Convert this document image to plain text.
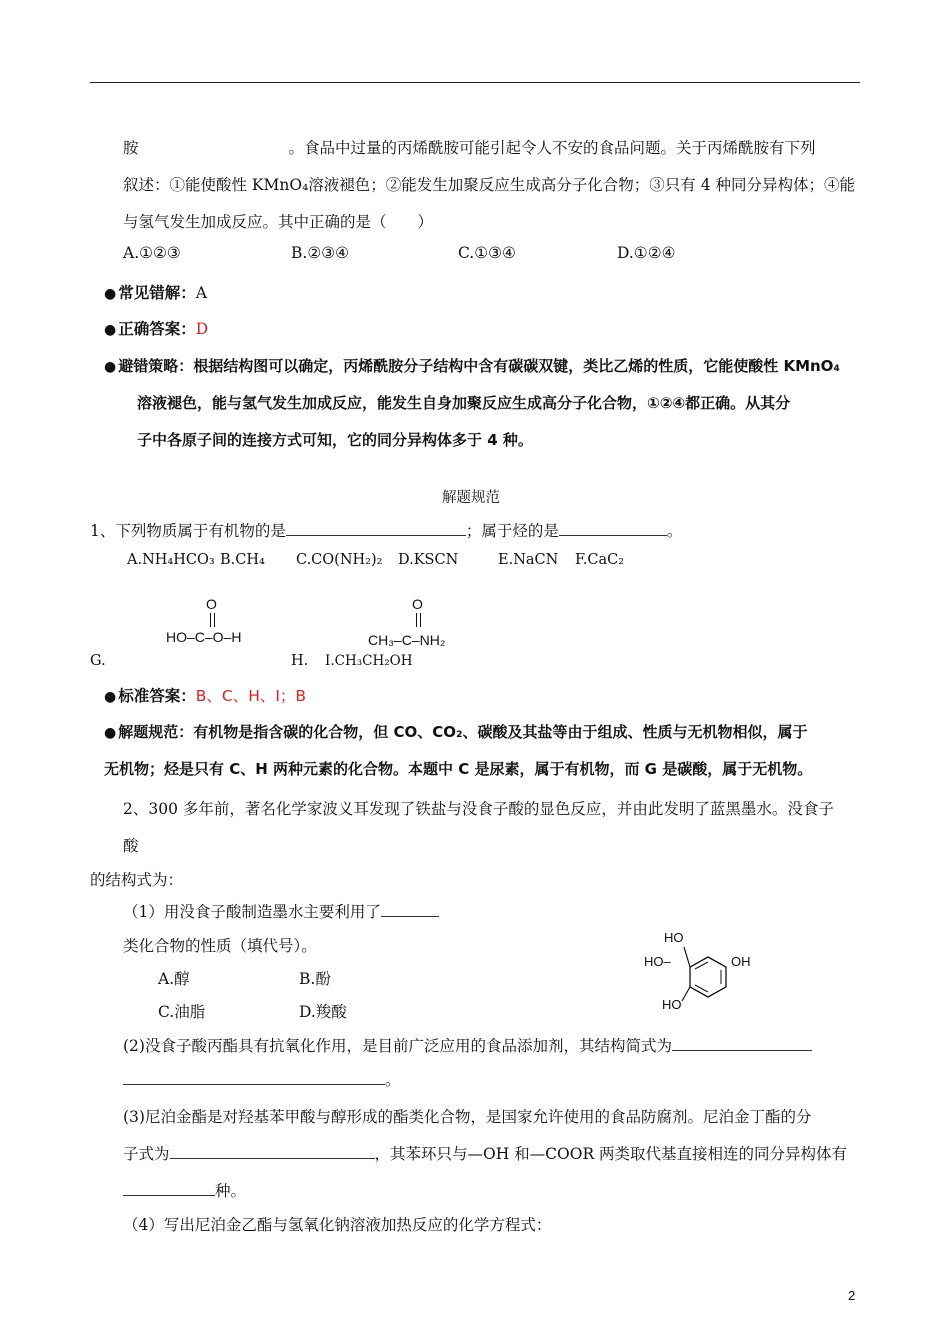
胺	。食品中过量的丙烯酰胺可能引起令人不安的食品问题。关于丙烯酰胺有下列
叙述：①能使酸性 KMnO₄溶液褪色；②能发生加聚反应生成高分子化合物；③只有 4 种同分异构体；④能
与氢气发生加成反应。其中正确的是（　　）
A.①②③	B.②③④	C.①③④	D.①②④
● 常见错解：A
● 正确答案：D
● 避错策略：根据结构图可以确定，丙烯酰胺分子结构中含有碳碳双键，类比乙烯的性质，它能使酸性 KMnO₄
溶液褪色，能与氢气发生加成反应，能发生自身加聚反应生成高分子化合物，①②④都正确。从其分
子中各原子间的连接方式可知，它的同分异构体多于 4 种。
解题规范
1、下列物质属于有机物的是	；属于烃的是	。
A.NH₄HCO₃ B.CH₄ C.CO(NH₂)₂ D.KSCN	E.NaCN F.CaC₂
O
HO–C–O–H
O
CH₃–C–NH₂
G.	H. I.CH₃CH₂OH
● 标准答案：B、C、H、I；B
● 解题规范：有机物是指含碳的化合物，但 CO、CO₂、碳酸及其盐等由于组成、性质与无机物相似，属于
无机物；烃是只有 C、H 两种元素的化合物。本题中 C 是尿素，属于有机物，而 G 是碳酸，属于无机物。
2、300 多年前，著名化学家波义耳发现了铁盐与没食子酸的显色反应，并由此发明了蓝黑墨水。没食子
酸
的结构式为：
（1）用没食子酸制造墨水主要利用了
类化合物的性质（填代号）。
A.醇	B.酚
C.油脂	D.羧酸
HO
HO–	OH
HO
(2)没食子酸丙酯具有抗氧化作用，是目前广泛应用的食品添加剂，其结构简式为
。
(3)尼泊金酯是对羟基苯甲酸与醇形成的酯类化合物，是国家允许使用的食品防腐剂。尼泊金丁酯的分
子式为	，其苯环只与—OH 和—COOR 两类取代基直接相连的同分异构体有
种。
（4）写出尼泊金乙酯与氢氧化钠溶液加热反应的化学方程式：
2
